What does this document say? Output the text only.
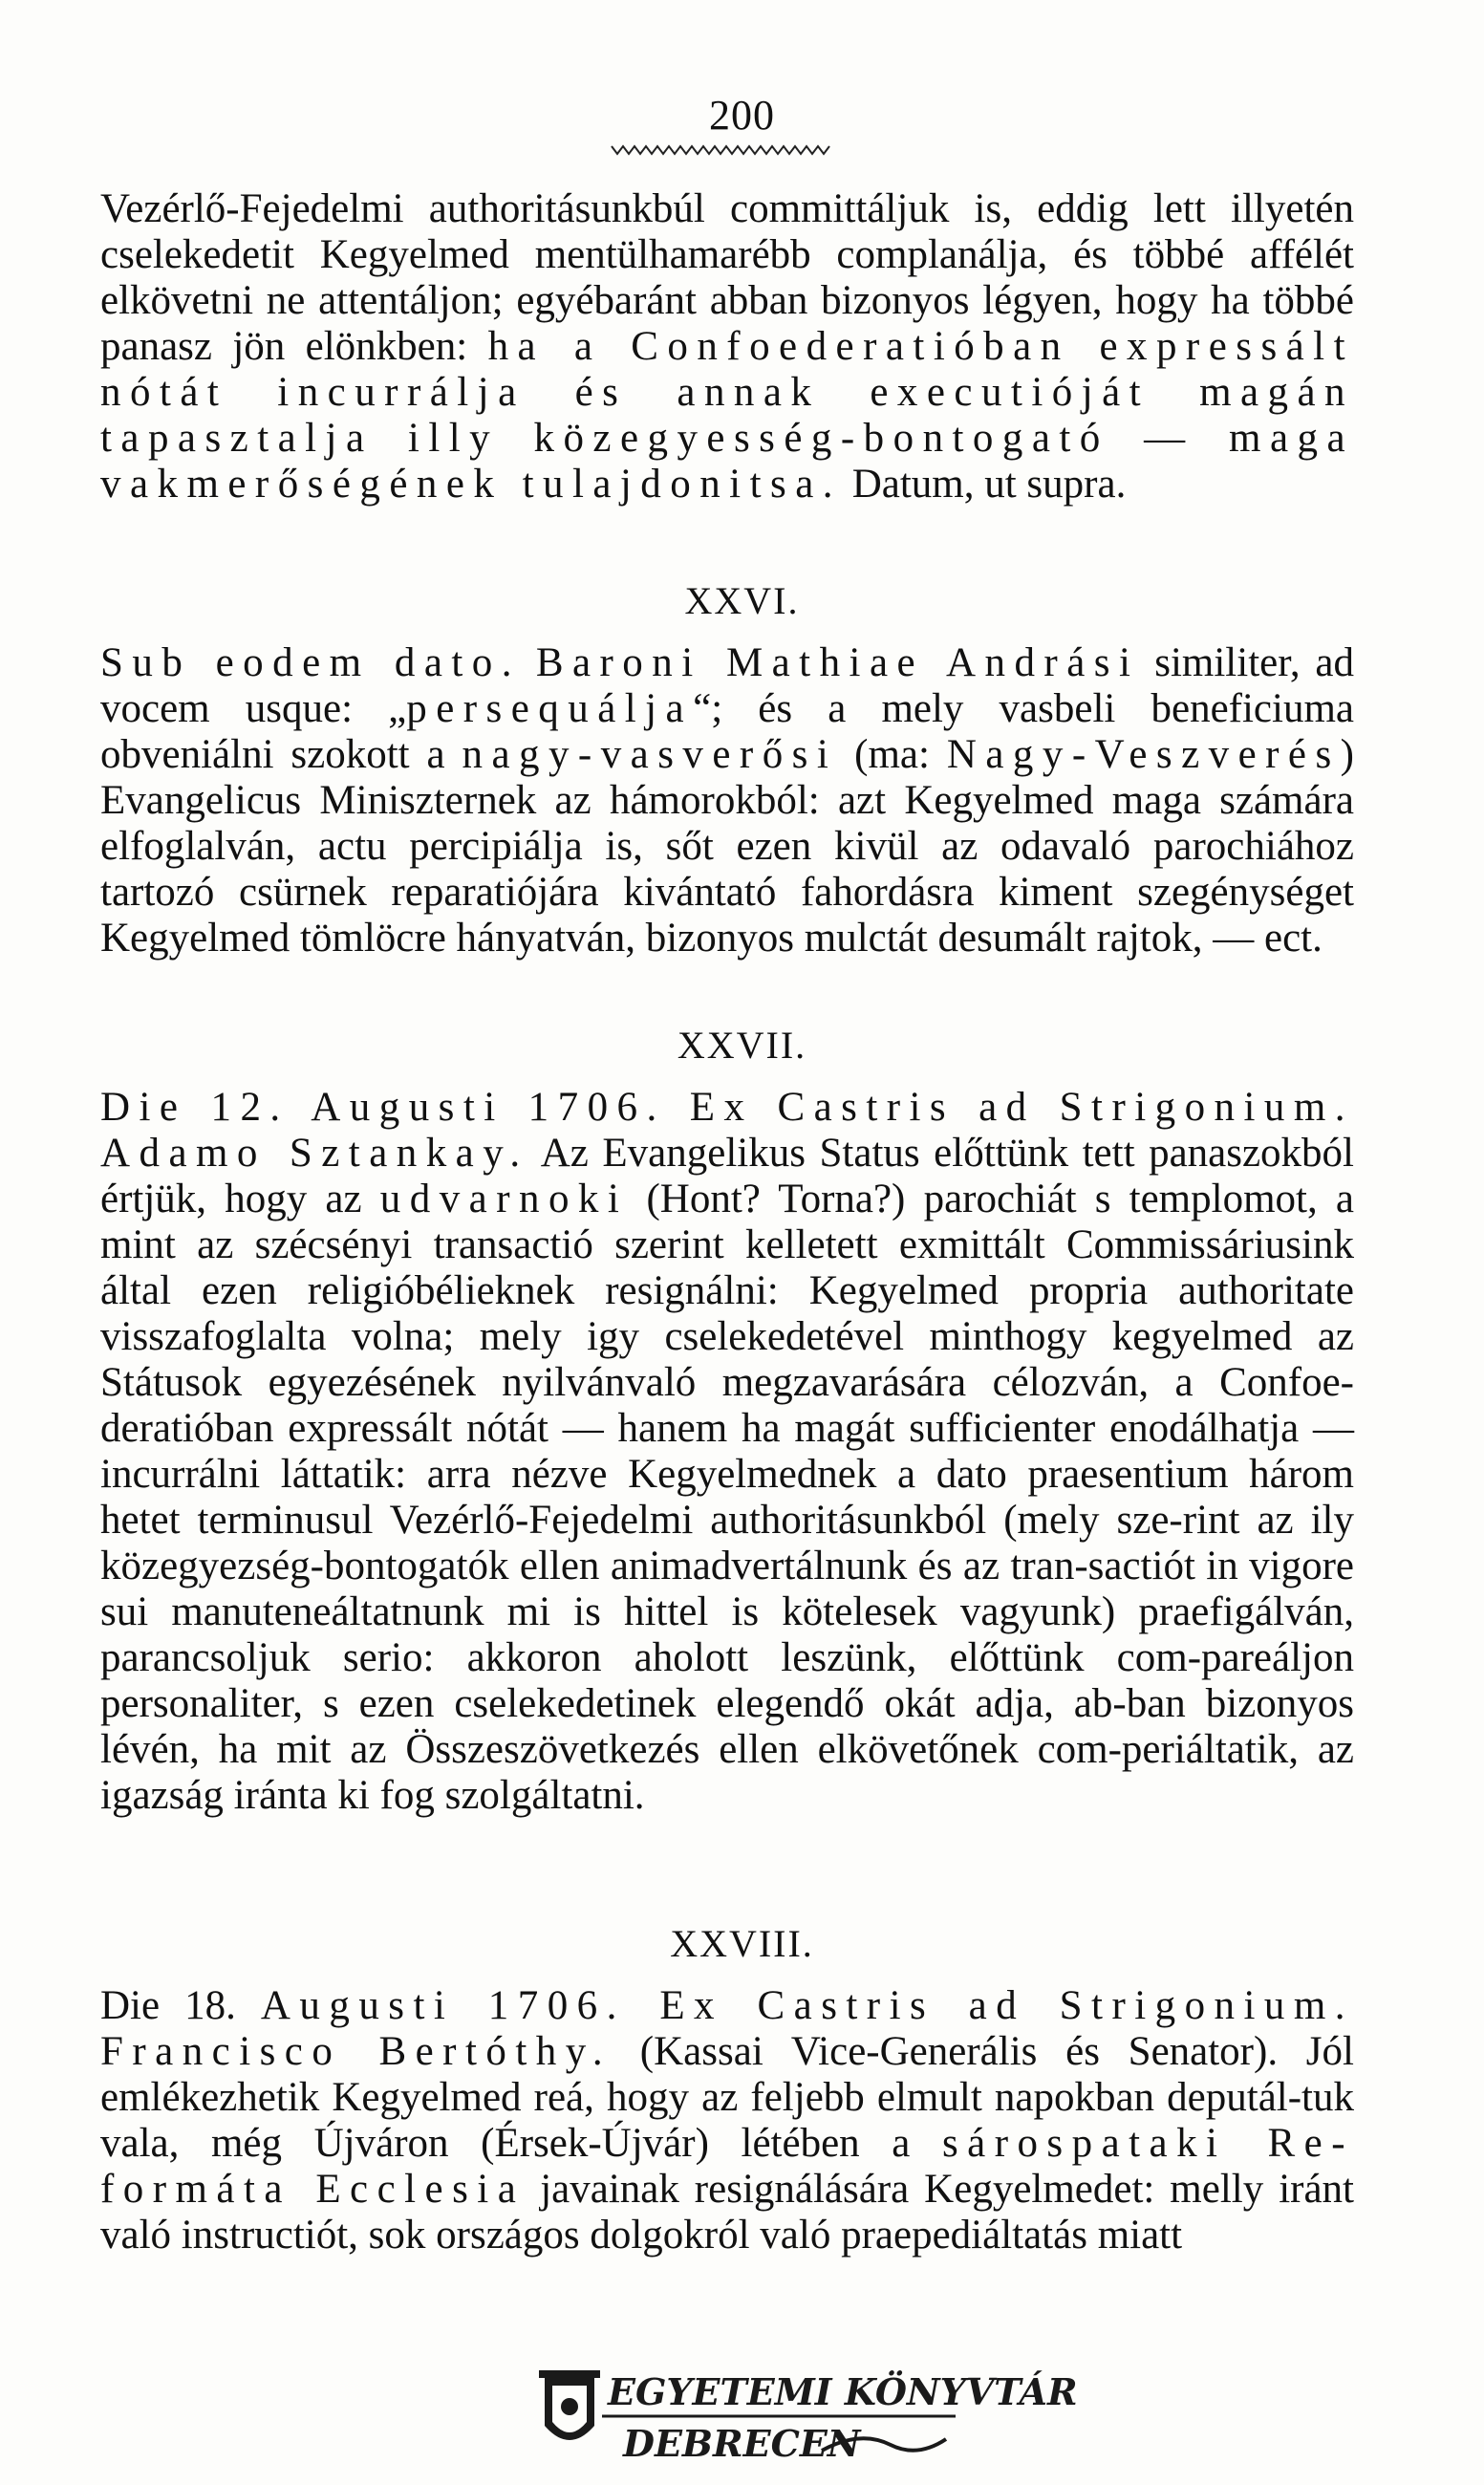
200
Vezérlő-Fejedelmi authoritásunkbúl committáljuk is, eddig lett illyetén cselekedetit Kegyelmed mentülhamarébb complanálja, és többé affélét elkövetni ne attentáljon; egyébaránt abban bizonyos légyen, hogy ha többé panasz jön elönkben: ha a Confoederatióban expressált nótát incurrálja és annak executióját magán tapasztalja illy közegyesség-bontogató — maga vakmerőségének tulajdonitsa. Datum, ut supra.
XXVI.
Sub eodem dato. Baroni Mathiae Andrási similiter, ad vocem usque: „persequálja“; és a mely vasbeli beneficiuma obveniálni szokott a nagy-vasverősi (ma: Nagy-Veszverés) Evangelicus Miniszternek az hámorokból: azt Kegyelmed maga számára elfoglalván, actu percipiálja is, sőt ezen kivül az odavaló parochiához tartozó csürnek reparatiójára kivántató fahordásra kiment szegénységet Kegyelmed tömlöcre hányatván, bizonyos mulctát desumált rajtok, — ect.
XXVII.
Die 12. Augusti 1706. Ex Castris ad Strigonium. Adamo Sztankay. Az Evangelikus Status előttünk tett panaszokból értjük, hogy az udvarnoki (Hont? Torna?) parochiát s templomot, a mint az szécsényi transactió szerint kelletett exmittált Commissáriusink által ezen religióbélieknek resignálni: Kegyelmed propria authoritate visszafoglalta volna; mely igy cselekedetével minthogy kegyelmed az Státusok egyezésének nyilvánvaló megzavarására célozván, a Confoe-deratióban expressált nótát — hanem ha magát sufficienter enodálhatja — incurrálni láttatik: arra nézve Kegyelmednek a dato praesentium három hetet terminusul Vezérlő-Fejedelmi authoritásunkból (mely sze-rint az ily közegyezség-bontogatók ellen animadvertálnunk és az tran-sactiót in vigore sui manuteneáltatnunk mi is hittel is kötelesek vagyunk) praefigálván, parancsoljuk serio: akkoron aholott leszünk, előttünk com-pareáljon personaliter, s ezen cselekedetinek elegendő okát adja, ab-ban bizonyos lévén, ha mit az Összeszövetkezés ellen elkövetőnek com-periáltatik, az igazság iránta ki fog szolgáltatni.
XXVIII.
Die 18. Augusti 1706. Ex Castris ad Strigonium. Francisco Bertóthy. (Kassai Vice-Generális és Senator). Jól emlékezhetik Kegyelmed reá, hogy az feljebb elmult napokban deputál-tuk vala, még Újváron (Érsek-Újvár) létében a sárospataki Re-formáta Ecclesia javainak resignálására Kegyelmedet: melly iránt való instructiót, sok országos dolgokról való praepediáltatás miatt
EGYETEMI KÖNYVTÁR
DEBRECEN
